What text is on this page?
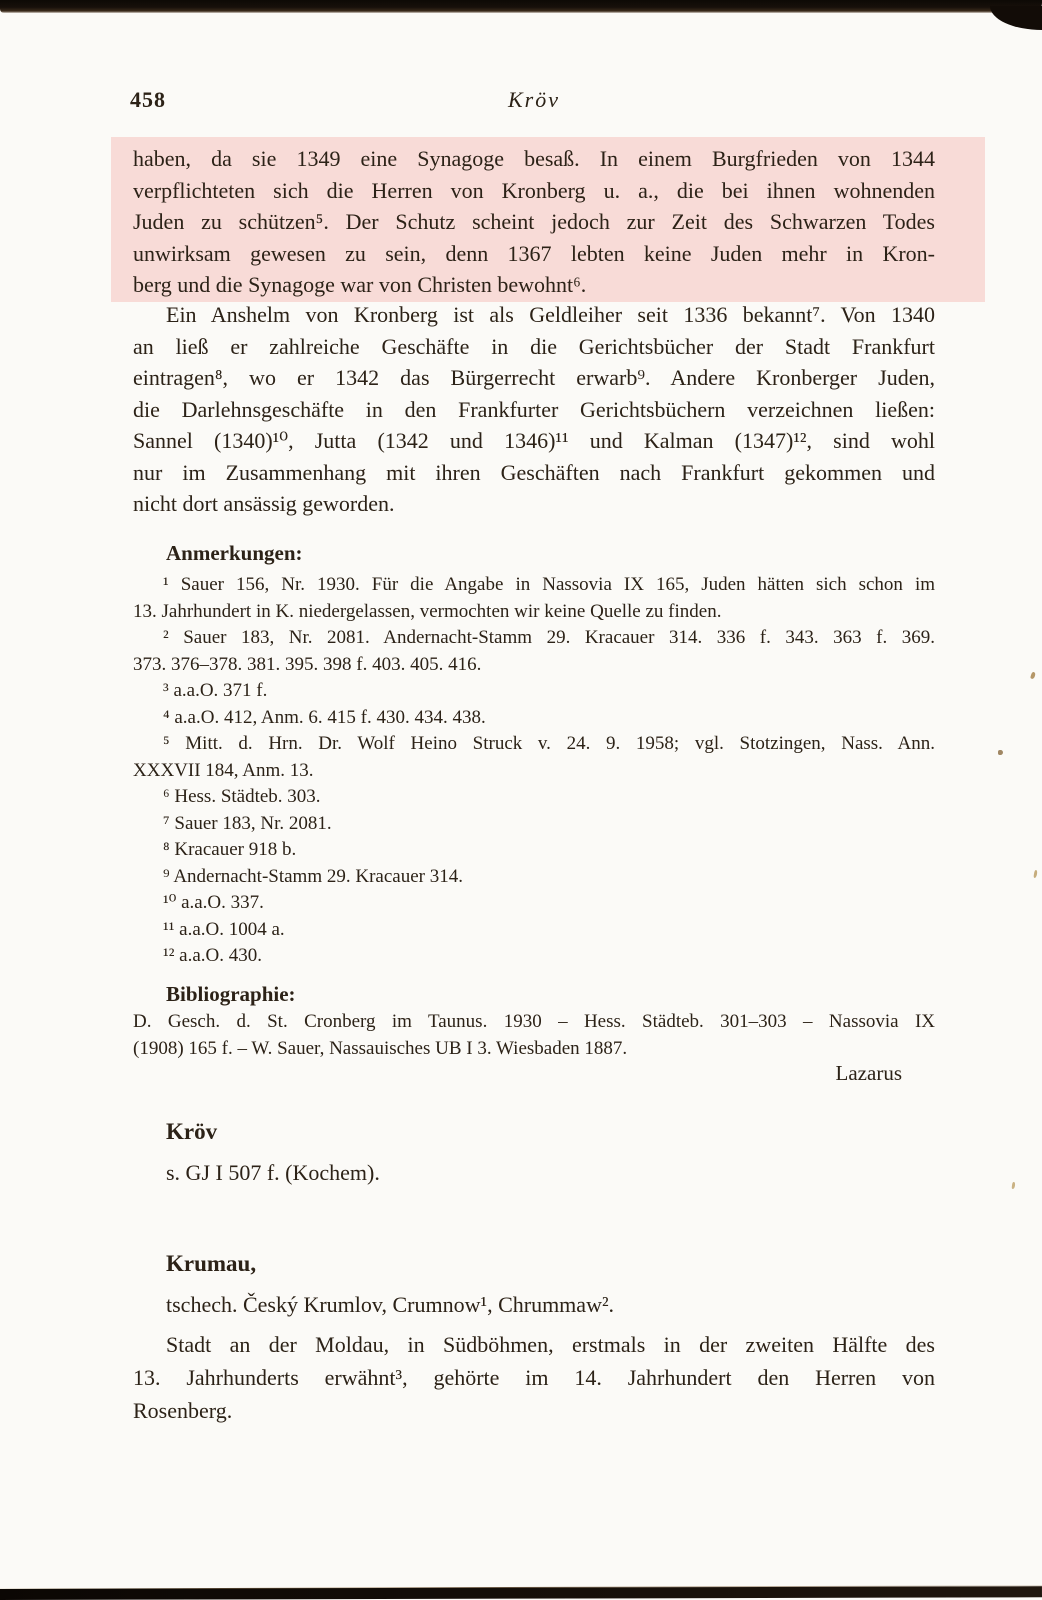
458	Kröv
haben, da sie 1349 eine Synagoge besaß. In einem Burgfrieden von 1344
verpflichteten sich die Herren von Kronberg u. a., die bei ihnen wohnenden
Juden zu schützen⁵. Der Schutz scheint jedoch zur Zeit des Schwarzen Todes
unwirksam gewesen zu sein, denn 1367 lebten keine Juden mehr in Kron-
berg und die Synagoge war von Christen bewohnt⁶.
Ein Anshelm von Kronberg ist als Geldleiher seit 1336 bekannt⁷. Von 1340
an ließ er zahlreiche Geschäfte in die Gerichtsbücher der Stadt Frankfurt
eintragen⁸, wo er 1342 das Bürgerrecht erwarb⁹. Andere Kronberger Juden,
die Darlehnsgeschäfte in den Frankfurter Gerichtsbüchern verzeichnen ließen:
Sannel (1340)¹⁰, Jutta (1342 und 1346)¹¹ und Kalman (1347)¹², sind wohl
nur im Zusammenhang mit ihren Geschäften nach Frankfurt gekommen und
nicht dort ansässig geworden.
Anmerkungen:
¹ Sauer 156, Nr. 1930. Für die Angabe in Nassovia IX 165, Juden hätten sich schon im
13. Jahrhundert in K. niedergelassen, vermochten wir keine Quelle zu finden.
² Sauer 183, Nr. 2081. Andernacht-Stamm 29. Kracauer 314. 336 f. 343. 363 f. 369.
373. 376–378. 381. 395. 398 f. 403. 405. 416.
³ a.a.O. 371 f.
⁴ a.a.O. 412, Anm. 6. 415 f. 430. 434. 438.
⁵ Mitt. d. Hrn. Dr. Wolf Heino Struck v. 24. 9. 1958; vgl. Stotzingen, Nass. Ann.
XXXVII 184, Anm. 13.
⁶ Hess. Städteb. 303.
⁷ Sauer 183, Nr. 2081.
⁸ Kracauer 918 b.
⁹ Andernacht-Stamm 29. Kracauer 314.
¹⁰ a.a.O. 337.
¹¹ a.a.O. 1004 a.
¹² a.a.O. 430.
Bibliographie:
D. Gesch. d. St. Cronberg im Taunus. 1930 – Hess. Städteb. 301–303 – Nassovia IX
(1908) 165 f. – W. Sauer, Nassauisches UB I 3. Wiesbaden 1887.
Lazarus
Kröv
s. GJ I 507 f. (Kochem).
Krumau,
tschech. Český Krumlov, Crumnow¹, Chrummaw².
Stadt an der Moldau, in Südböhmen, erstmals in der zweiten Hälfte des
13. Jahrhunderts erwähnt³, gehörte im 14. Jahrhundert den Herren von
Rosenberg.
